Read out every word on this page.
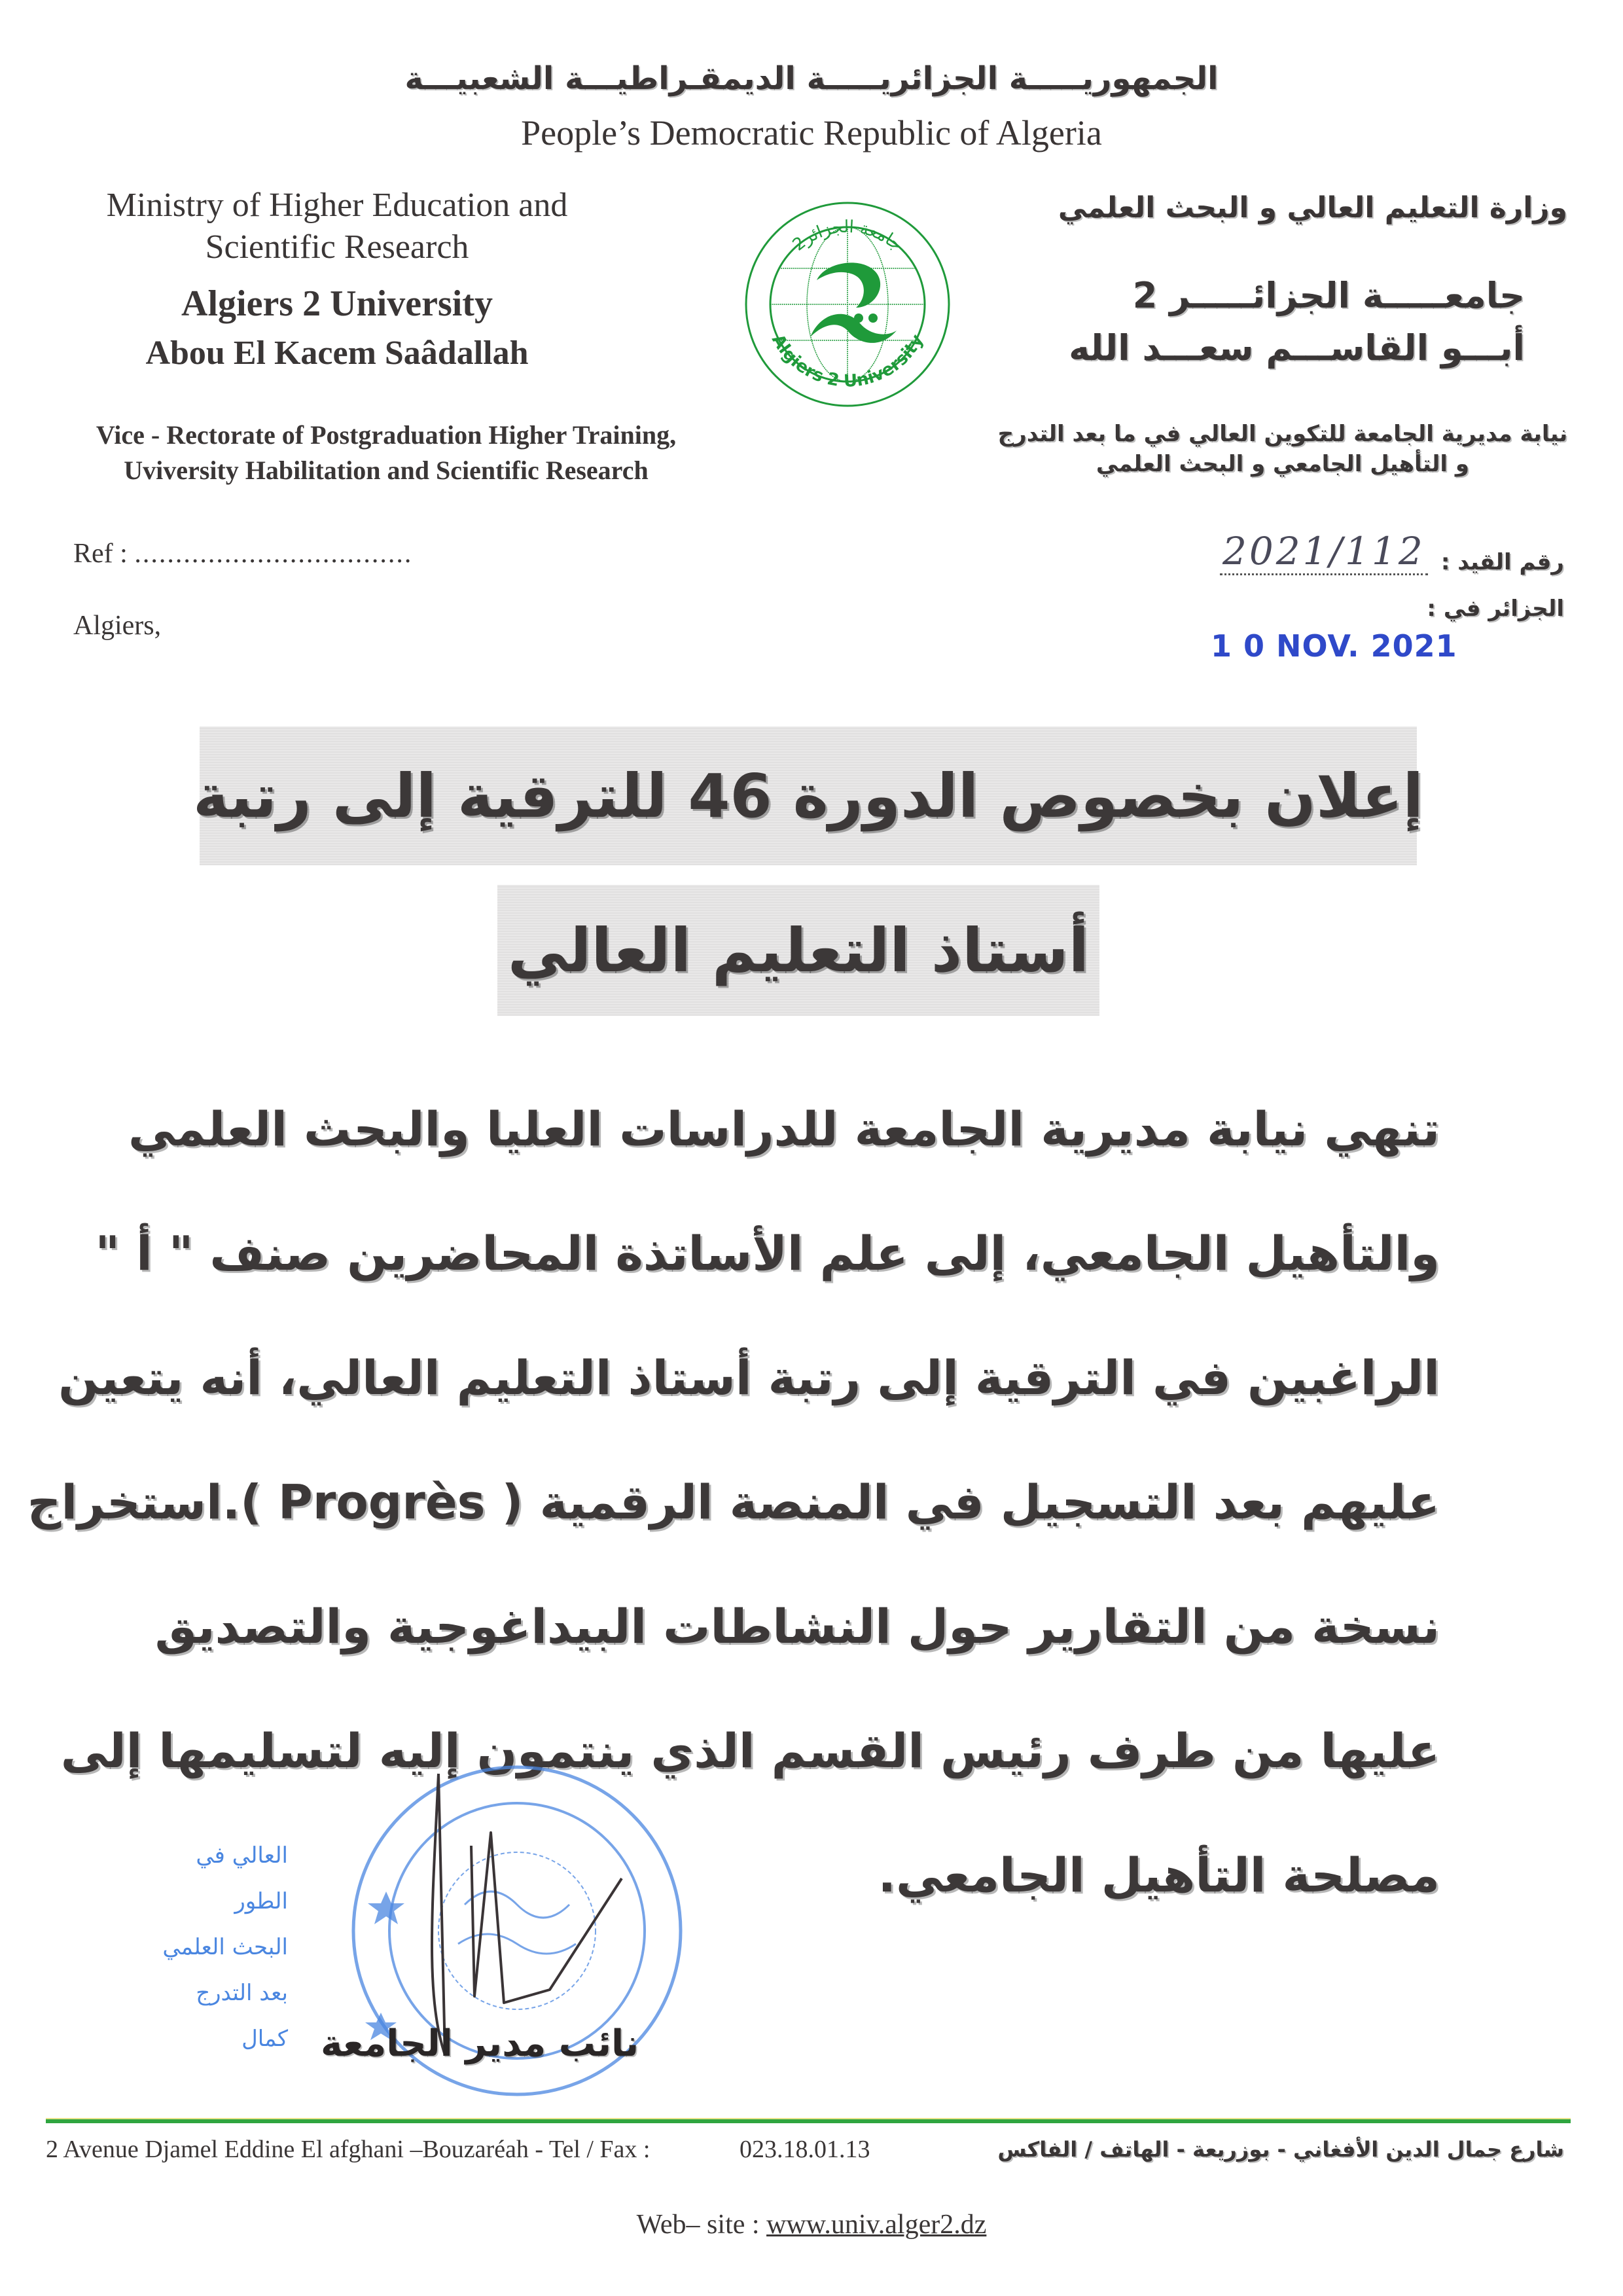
الجمهوريـــــة الجزائريـــــة الديمقـراطيـــة الشعبيـــة
People’s Democratic Republic of Algeria
Ministry of Higher Education and
Scientific Research
Algiers 2 University
Abou El Kacem Saâdallah
Vice - Rectorate of Postgraduation Higher Training,
Uviversity Habilitation and Scientific Research
Ref : ..................................
Algiers,
جامعة الجزائر2
Algiers 2 University
وزارة التعليم العالي و البحث العلمي
جامعـــــة الجزائـــــر 2
أبـــو القاســـم سعـــد الله
نيابة مديرية الجامعة للتكوين العالي في ما بعد التدرج
و التأهيل الجامعي و البحث العلمي
رقم القيد :
2021/112
الجزائر في :
1 0 NOV. 2021
إعلان بخصوص الدورة 46 للترقية إلى رتبة
أستاذ التعليم العالي
تنهي نيابة مديرية الجامعة للدراسات العليا والبحث العلمي
والتأهيل الجامعي، إلى علم الأساتذة المحاضرين صنف " أ "
الراغبين في الترقية إلى رتبة أستاذ التعليم العالي، أنه يتعين
عليهم بعد التسجيل في المنصة الرقمية ( Progrès ).استخراج
نسخة من التقارير حول النشاطات البيداغوجية والتصديق
عليها من طرف رئيس القسم الذي ينتمون إليه لتسليمها إلى
مصلحة التأهيل الجامعي.
العالي في الطور
البحث العلمي
بعد التدرج
كمال نائب مدير الجامعة
2 Avenue Djamel Eddine El afghani –Bouzaréah - Tel / Fax :	023.18.01.13	شارع جمال الدين الأفغاني - بوزريعة - الهاتف / الفاكس
Web– site : www.univ.alger2.dz
